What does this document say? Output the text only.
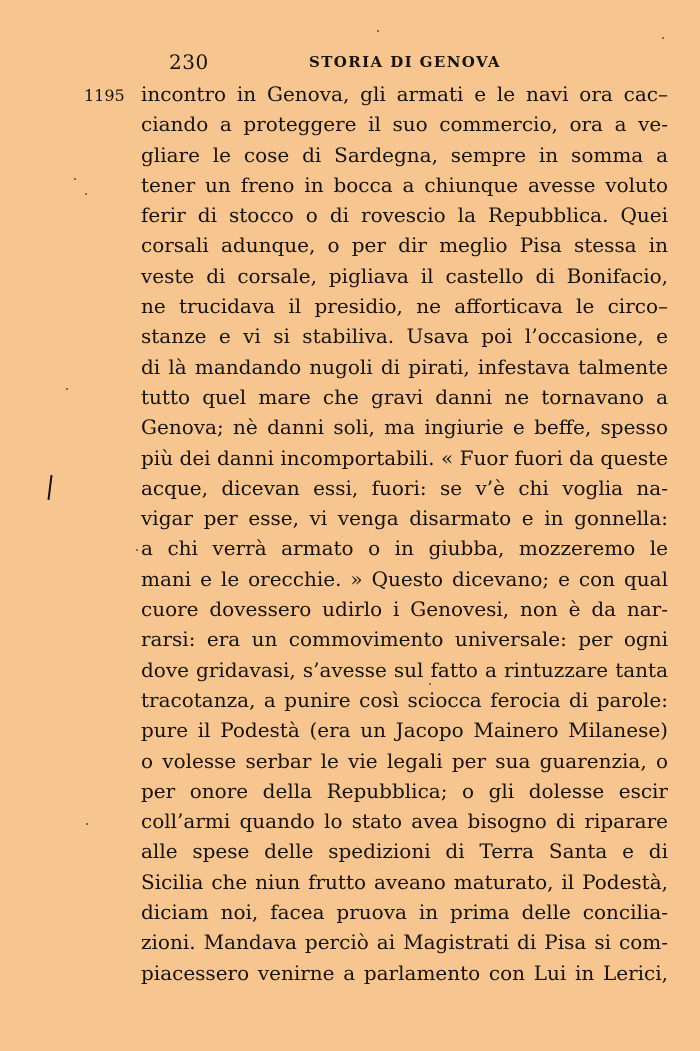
230	STORIA DI GENOVA
1195 incontro in Genova, gli armati e le navi ora cac–
ciando a proteggere il suo commercio, ora a ve-
gliare le cose di Sardegna, sempre in somma a
tener un freno in bocca a chiunque avesse voluto
ferir di stocco o di rovescio la Repubblica. Quei
corsali adunque, o per dir meglio Pisa stessa in
veste di corsale, pigliava il castello di Bonifacio,
ne trucidava il presidio, ne afforticava le circo–
stanze e vi si stabiliva. Usava poi l’occasione, e
di là mandando nugoli di pirati, infestava talmente
tutto quel mare che gravi danni ne tornavano a
Genova; nè danni soli, ma ingiurie e beffe, spesso
più dei danni incomportabili. « Fuor fuori da queste
acque, dicevan essi, fuori: se v’è chi voglia na-
vigar per esse, vi venga disarmato e in gonnella:
a chi verrà armato o in giubba, mozzeremo le
mani e le orecchie. » Questo dicevano; e con qual
cuore dovessero udirlo i Genovesi, non è da nar-
rarsi: era un commovimento universale: per ogni
dove gridavasi, s’avesse sul fatto a rintuzzare tanta
tracotanza, a punire così sciocca ferocia di parole:
pure il Podestà (era un Jacopo Mainero Milanese)
o volesse serbar le vie legali per sua guarenzia, o
per onore della Repubblica; o gli dolesse escir
coll’armi quando lo stato avea bisogno di riparare
alle spese delle spedizioni di Terra Santa e di
Sicilia che niun frutto aveano maturato, il Podestà,
diciam noi, facea pruova in prima delle concilia-
zioni. Mandava perciò ai Magistrati di Pisa si com-
piacessero venirne a parlamento con Lui in Lerici,
